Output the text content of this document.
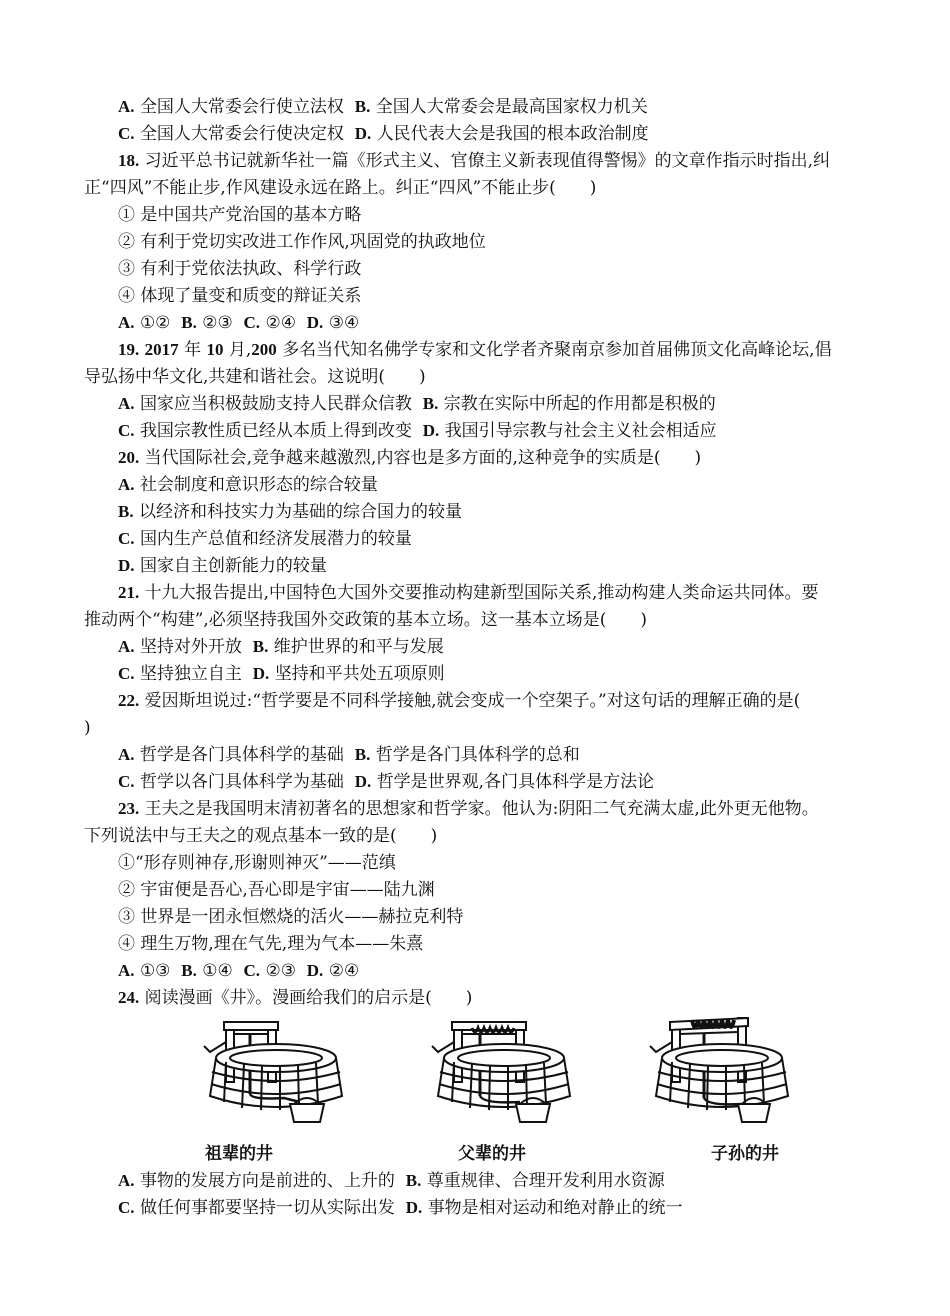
A. 全国人大常委会行使立法权 B. 全国人大常委会是最高国家权力机关
C. 全国人大常委会行使决定权 D. 人民代表大会是我国的根本政治制度
18. 习近平总书记就新华社一篇《形式主义、官僚主义新表现值得警惕》的文章作指示时指出,纠
正“四风”不能止步,作风建设永远在路上。纠正“四风”不能止步(　　)
① 是中国共产党治国的基本方略
② 有利于党切实改进工作作风,巩固党的执政地位
③ 有利于党依法执政、科学行政
④ 体现了量变和质变的辩证关系
A. ①② B. ②③ C. ②④ D. ③④
19. 2017 年 10 月,200 多名当代知名佛学专家和文化学者齐聚南京参加首届佛顶文化高峰论坛,倡
导弘扬中华文化,共建和谐社会。这说明(　　)
A. 国家应当积极鼓励支持人民群众信教 B. 宗教在实际中所起的作用都是积极的
C. 我国宗教性质已经从本质上得到改变 D. 我国引导宗教与社会主义社会相适应
20. 当代国际社会,竞争越来越激烈,内容也是多方面的,这种竞争的实质是(　　)
A. 社会制度和意识形态的综合较量
B. 以经济和科技实力为基础的综合国力的较量
C. 国内生产总值和经济发展潜力的较量
D. 国家自主创新能力的较量
21. 十九大报告提出,中国特色大国外交要推动构建新型国际关系,推动构建人类命运共同体。要
推动两个“构建”,必须坚持我国外交政策的基本立场。这一基本立场是(　　)
A. 坚持对外开放 B. 维护世界的和平与发展
C. 坚持独立自主 D. 坚持和平共处五项原则
22. 爱因斯坦说过:“哲学要是不同科学接触,就会变成一个空架子。”对这句话的理解正确的是(
)
A. 哲学是各门具体科学的基础 B. 哲学是各门具体科学的总和
C. 哲学以各门具体科学为基础 D. 哲学是世界观,各门具体科学是方法论
23. 王夫之是我国明末清初著名的思想家和哲学家。他认为:阴阳二气充满太虚,此外更无他物。
下列说法中与王夫之的观点基本一致的是(　　)
①“形存则神存,形谢则神灭”——范缜
② 宇宙便是吾心,吾心即是宇宙——陆九渊
③ 世界是一团永恒燃烧的活火——赫拉克利特
④ 理生万物,理在气先,理为气本——朱熹
A. ①③ B. ①④ C. ②③ D. ②④
24. 阅读漫画《井》。漫画给我们的启示是(　　)
祖辈的井	父辈的井	子孙的井
A. 事物的发展方向是前进的、上升的 B. 尊重规律、合理开发利用水资源
C. 做任何事都要坚持一切从实际出发 D. 事物是相对运动和绝对静止的统一
